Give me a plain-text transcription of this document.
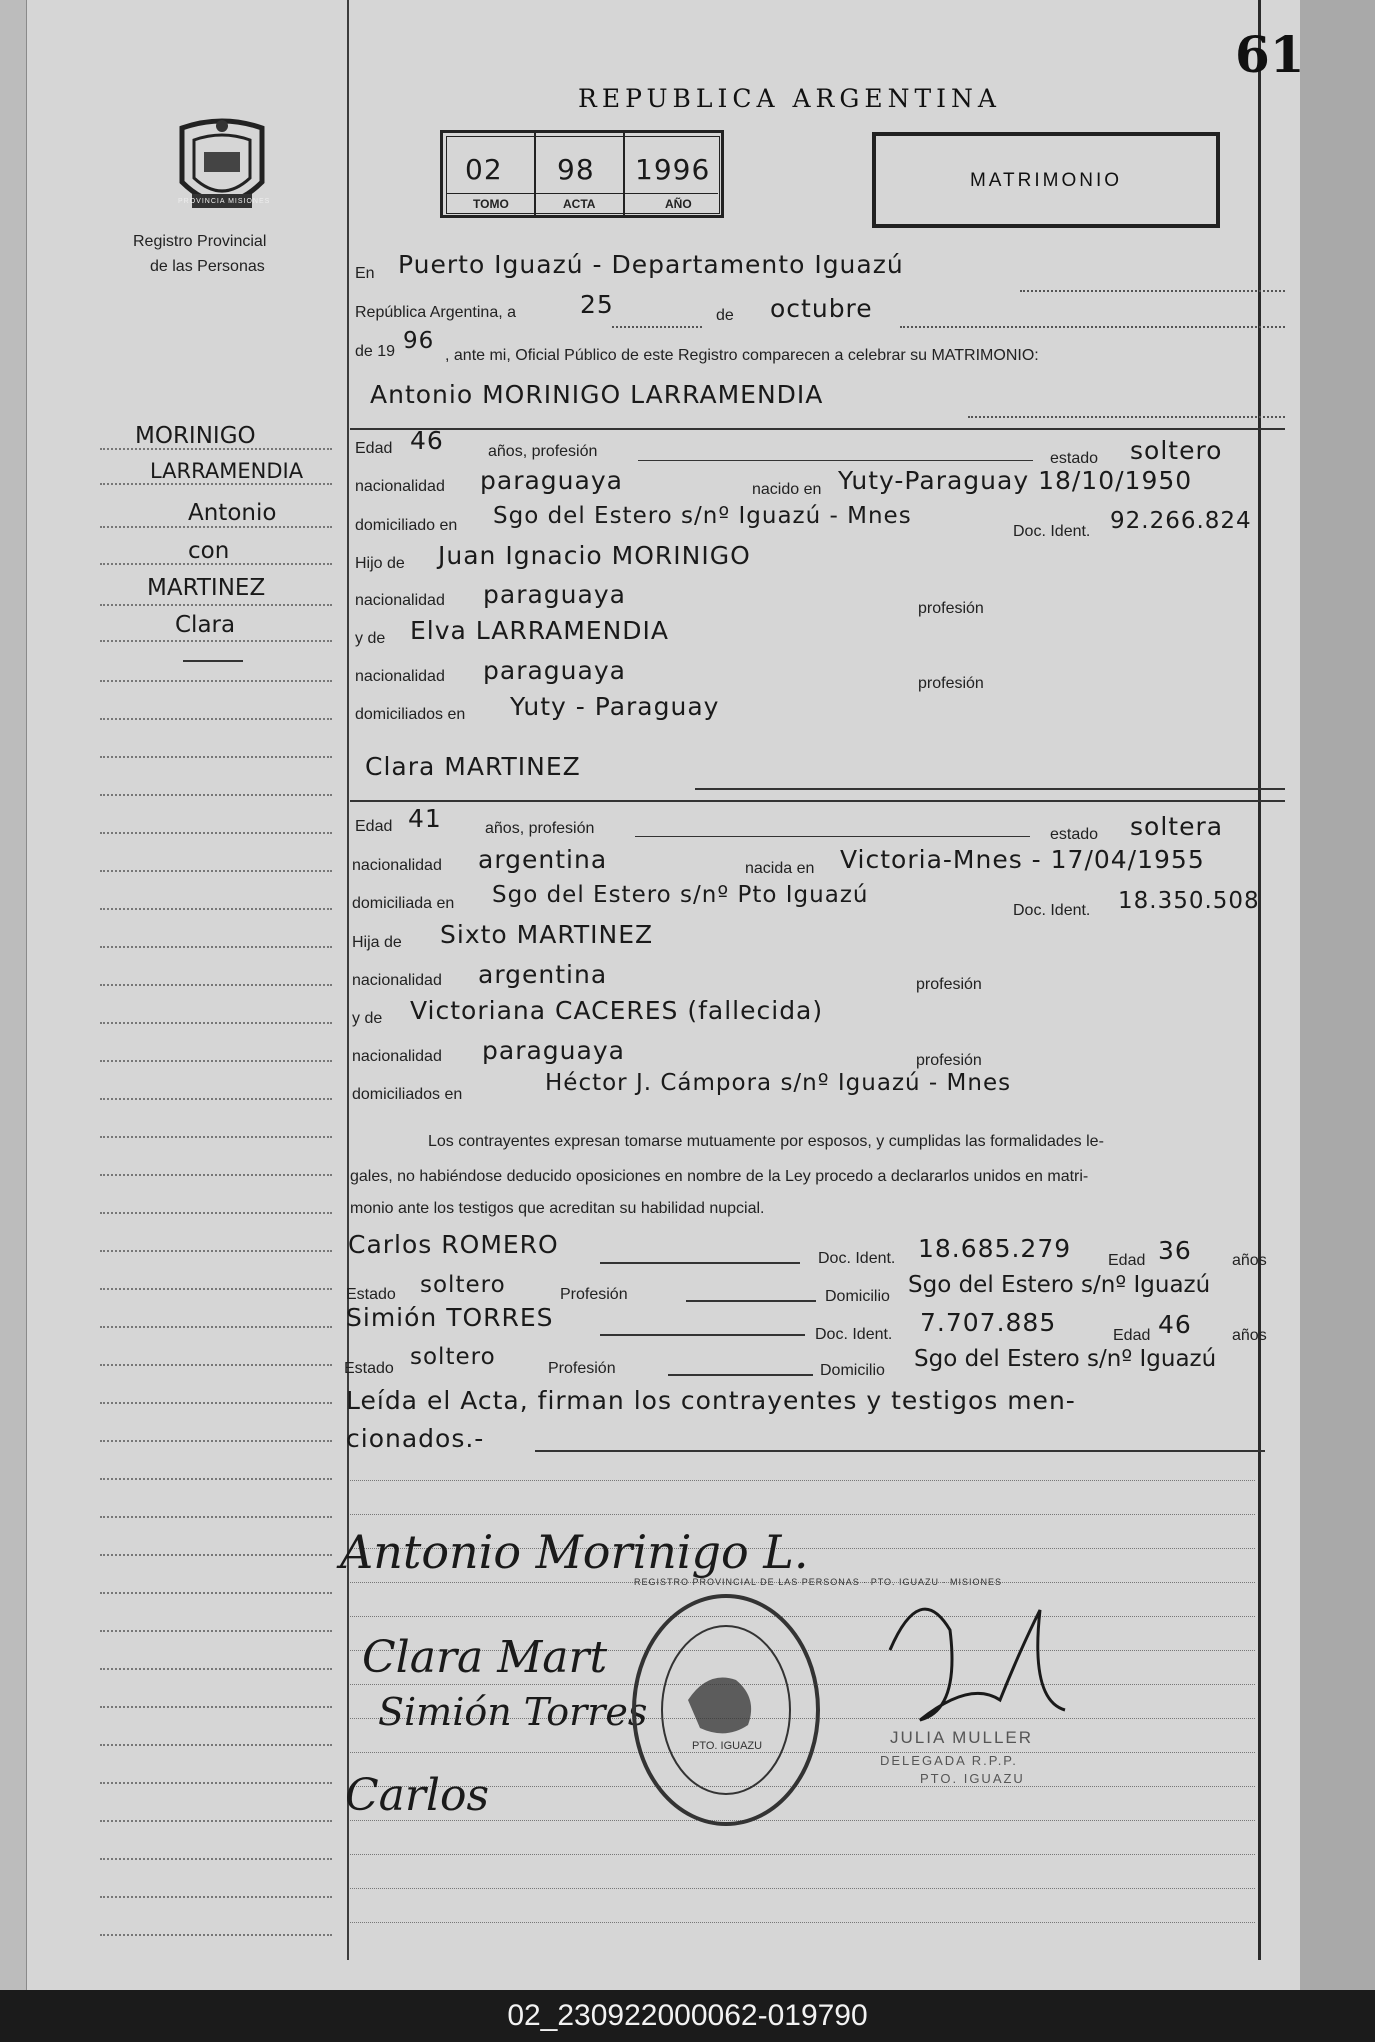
61
REPUBLICA ARGENTINA
PROVINCIA MISIONES
Registro Provincial
de las Personas
02 98 1996
TOMO	ACTA	AÑO
MATRIMONIO
MORINIGO
LARRAMENDIA
Antonio
con
MARTINEZ
Clara
En Puerto Iguazú - Departamento Iguazú
República Argentina, a	25	de octubre
de 19 96
, ante mi, Oficial Público de este Registro comparecen a celebrar su MATRIMONIO:
Antonio MORINIGO LARRAMENDIA
Edad 46	años, profesión	estado soltero
nacionalidad paraguaya	nacido en Yuty-Paraguay 18/10/1950
domiciliado en Sgo del Estero s/nº Iguazú - Mnes
Doc. Ident. 92.266.824
Hijo de Juan Ignacio MORINIGO
nacionalidad paraguaya	profesión
y de Elva LARRAMENDIA
nacionalidad paraguaya	profesión
domiciliados en Yuty - Paraguay
Clara MARTINEZ
Edad 41	años, profesión	estado soltera
nacionalidad argentina	nacida en Victoria-Mnes - 17/04/1955
domiciliada en Sgo del Estero s/nº Pto Iguazú
Doc. Ident. 18.350.508
Hija de Sixto MARTINEZ
nacionalidad argentina	profesión
y de Victoriana CACERES (fallecida)
nacionalidad paraguaya	profesión
domiciliados en	Héctor J. Cámpora s/nº Iguazú - Mnes
Los contrayentes expresan tomarse mutuamente por esposos, y cumplidas las formalidades le-
gales, no habiéndose deducido oposiciones en nombre de la Ley procedo a declararlos unidos en matri-
monio ante los testigos que acreditan su habilidad nupcial.
Carlos ROMERO	Doc. Ident. 18.685.279 Edad 36	años
Estado soltero	Profesión	Domicilio Sgo del Estero s/nº Iguazú
Simión TORRES
Doc. Ident. 7.707.885	Edad 46	años
Estado soltero	Profesión	Domicilio Sgo del Estero s/nº Iguazú
Leída el Acta, firman los contrayentes y testigos men-
cionados.-
Antonio Morinigo L.
Clara Mart
Simión Torres
Carlos
PTO. IGUAZU
REGISTRO PROVINCIAL DE LAS PERSONAS · PTO. IGUAZU · MISIONES
JULIA MULLER
DELEGADA R.P.P.
PTO. IGUAZU
02_230922000062-019790
